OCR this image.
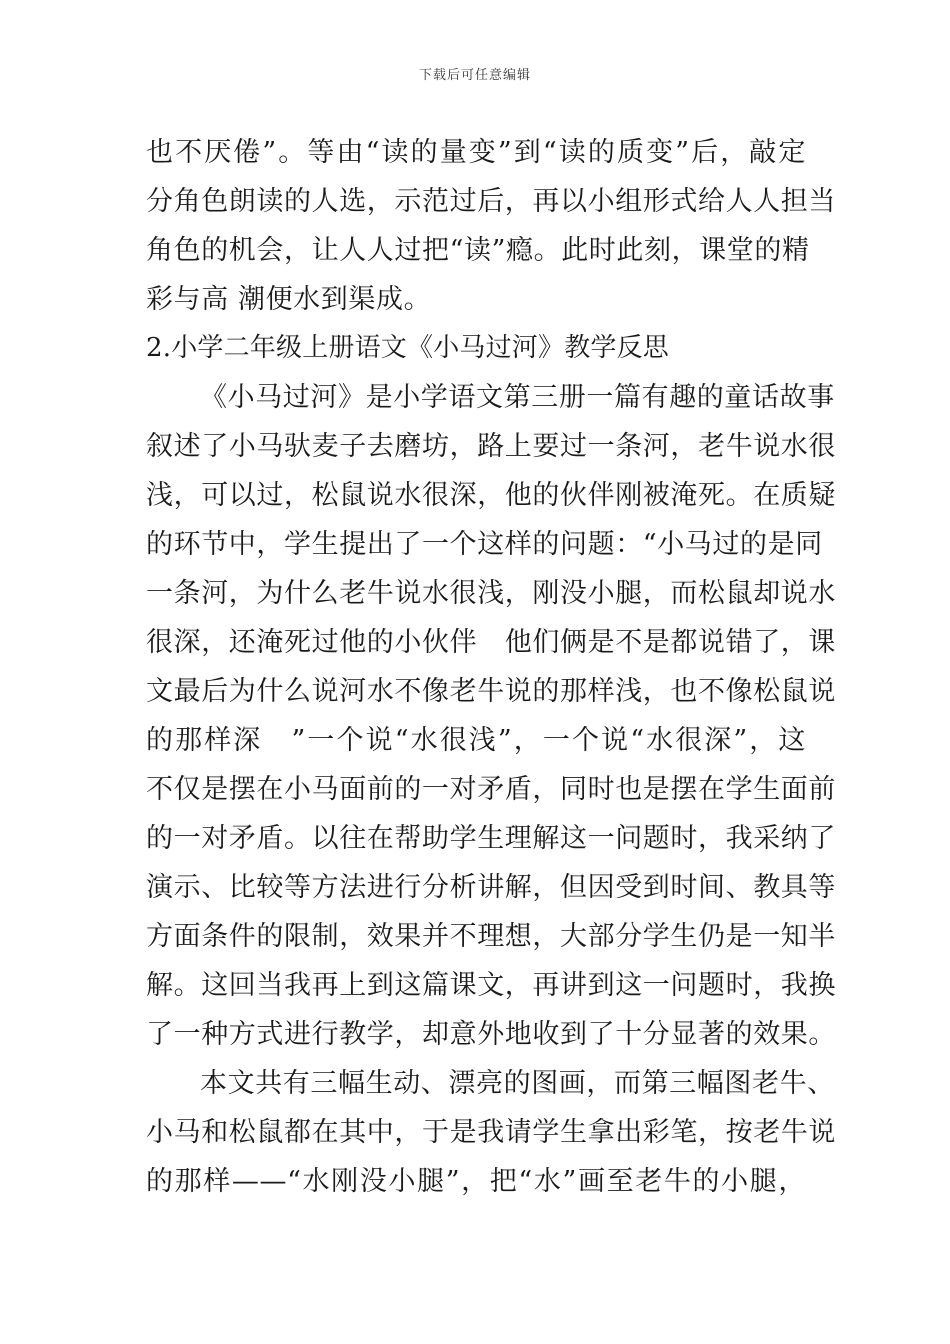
下载后可任意编辑
也不厌倦”。等由“读的量变”到“读的质变”后，敲定
分角色朗读的人选，示范过后，再以小组形式给人人担当
角色的机会，让人人过把“读”瘾。此时此刻，课堂的精
彩与高 潮便水到渠成。
2.小学二年级上册语文《小马过河》教学反思
《小马过河》是小学语文第三册一篇有趣的童话故事
叙述了小马驮麦子去磨坊，路上要过一条河，老牛说水很
浅，可以过，松鼠说水很深，他的伙伴刚被淹死。在质疑
的环节中，学生提出了一个这样的问题：“小马过的是同
一条河，为什么老牛说水很浅，刚没小腿，而松鼠却说水
很深，还淹死过他的小伙伴　他们俩是不是都说错了，课
文最后为什么说河水不像老牛说的那样浅，也不像松鼠说
的那样深　”一个说“水很浅”，一个说“水很深”，这
不仅是摆在小马面前的一对矛盾，同时也是摆在学生面前
的一对矛盾。以往在帮助学生理解这一问题时，我采纳了
演示、比较等方法进行分析讲解，但因受到时间、教具等
方面条件的限制，效果并不理想，大部分学生仍是一知半
解。这回当我再上到这篇课文，再讲到这一问题时，我换
了一种方式进行教学，却意外地收到了十分显著的效果。
本文共有三幅生动、漂亮的图画，而第三幅图老牛、
小马和松鼠都在其中，于是我请学生拿出彩笔，按老牛说
的那样——“水刚没小腿”，把“水”画至老牛的小腿，
